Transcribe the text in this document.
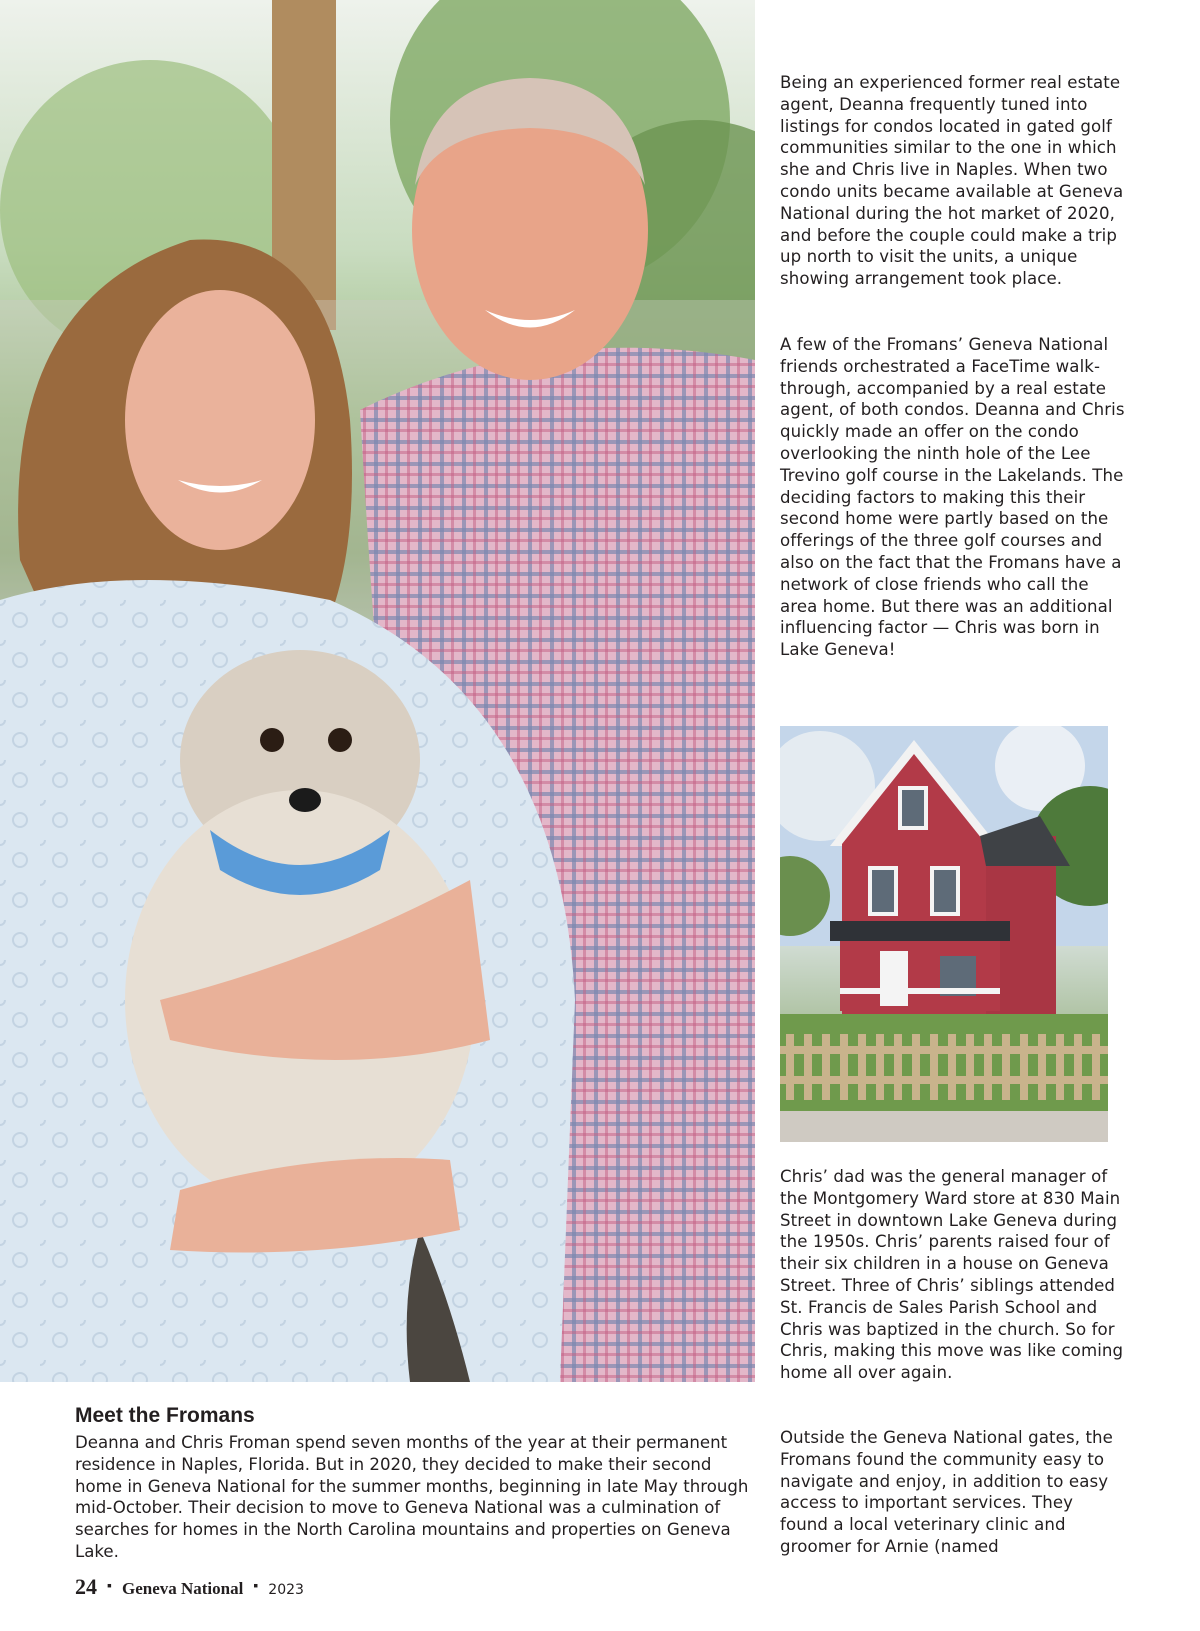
Being an experienced former real estate agent, Deanna frequently tuned into listings for condos located in gated golf communities similar to the one in which she and Chris live in Naples. When two condo units became available at Geneva National during the hot market of 2020, and before the couple could make a trip up north to visit the units, a unique showing arrangement took place.

A few of the Fromans’ Geneva National friends orchestrated a FaceTime walk-through, accompanied by a real estate agent, of both condos. Deanna and Chris quickly made an offer on the condo overlooking the ninth hole of the Lee Trevino golf course in the Lakelands. The deciding factors to making this their second home were partly based on the offerings of the three golf courses and also on the fact that the Fromans have a network of close friends who call the area home. But there was an additional influencing factor — Chris was born in Lake Geneva!

Chris’ dad was the general manager of the Montgomery Ward store at 830 Main Street in downtown Lake Geneva during the 1950s. Chris’ parents raised four of their six children in a house on Geneva Street. Three of Chris’ siblings attended St. Francis de Sales Parish School and Chris was baptized in the church. So for Chris, making this move was like coming home all over again.

Outside the Geneva National gates, the Fromans found the community easy to navigate and enjoy, in addition to easy access to important services. They found a local veterinary clinic and groomer for Arnie (named

Meet the Fromans

Deanna and Chris Froman spend seven months of the year at their permanent residence in Naples, Florida. But in 2020, they decided to make their second home in Geneva National for the summer months, beginning in late May through mid-October. Their decision to move to Geneva National was a culmination of searches for homes in the North Carolina mountains and properties on Geneva Lake.

24 ▪ Geneva National ▪ 2023
